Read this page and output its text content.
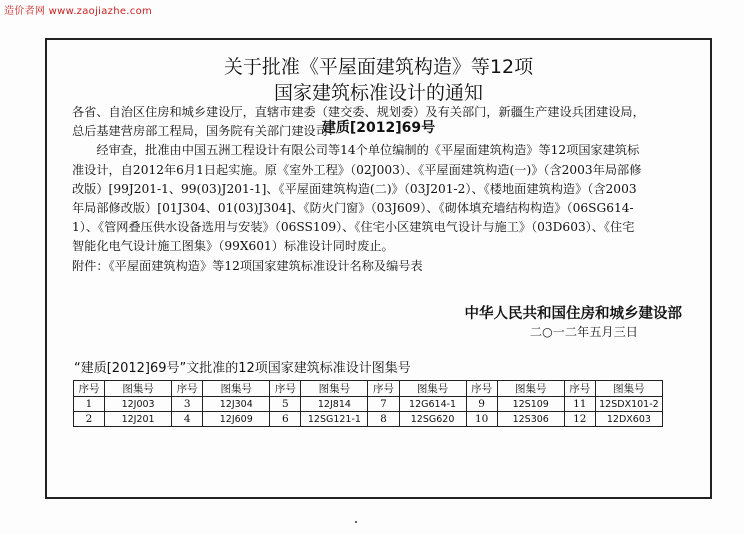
造价者网 www.zaojiazhe.com
关于批准《平屋面建筑构造》等12项
国家建筑标准设计的通知
建质[2012]69号

各省、自治区住房和城乡建设厅，直辖市建委（建交委、规划委）及有关部门，新疆生产建设兵团建设局，总后基建营房部工程局，国务院有关部门建设司：

经审查，批准由中国五洲工程设计有限公司等14个单位编制的《平屋面建筑构造》等12项国家建筑标准设计，自2012年6月1日起实施。原《室外工程》（02J003）、《平屋面建筑构造(一)》（含2003年局部修改版）[99J201-1、99(03)J201-1]、《平屋面建筑构造(二)》（03J201-2）、《楼地面建筑构造》（含2003年局部修改版）[01J304、01(03)J304]、《防火门窗》（03J609）、《砌体填充墙结构构造》（06SG614-1）、《管网叠压供水设备选用与安装》（06SS109）、《住宅小区建筑电气设计与施工》（03D603）、《住宅智能化电气设计施工图集》（99X601）标准设计同时废止。

附件：《平屋面建筑构造》等12项国家建筑标准设计名称及编号表

中华人民共和国住房和城乡建设部
二○一二年五月三日
“建质[2012]69号”文批准的12项国家建筑标准设计图集号
序号	图集号	序号	图集号	序号	图集号	序号	图集号	序号	图集号	序号	图集号
1	12J003	3	12J304	5	12J814	7	12G614-1	9	12S109	11	12SDX101-2
2	12J201	4	12J609	6	12SG121-1	8	12SG620	10	12S306	12	12DX603
